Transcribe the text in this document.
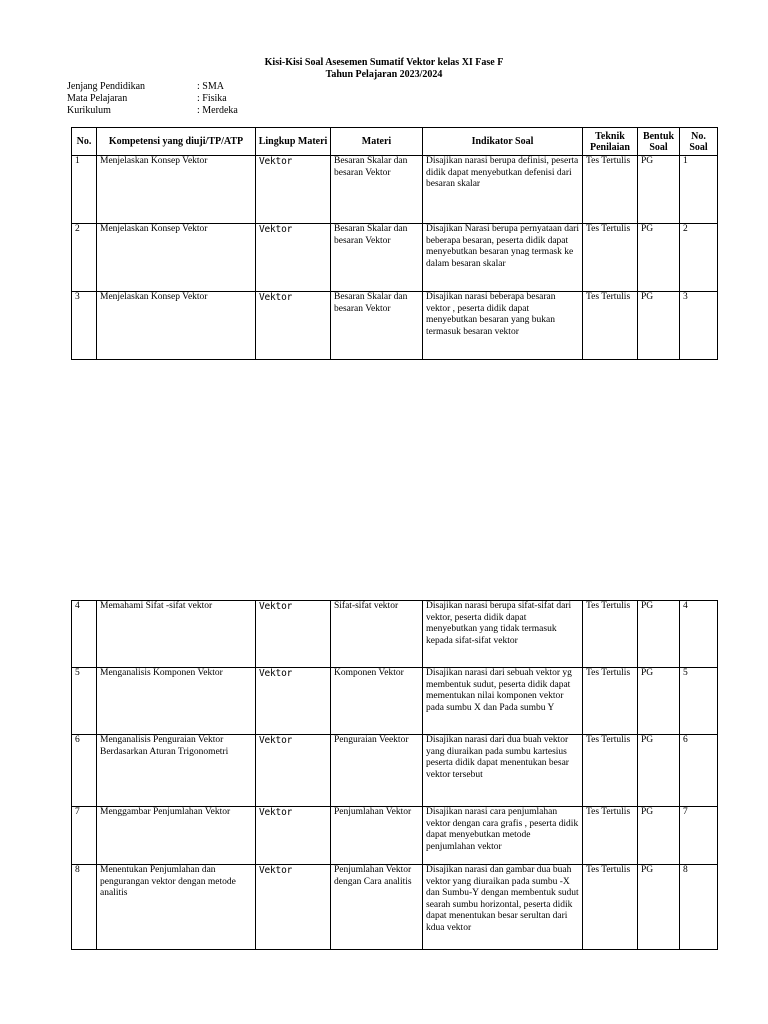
Kisi-Kisi Soal Asesemen Sumatif Vektor kelas XI Fase F
Tahun Pelajaran 2023/2024
Jenjang Pendidikan	: SMA
Mata Pelajaran	: Fisika
Kurikulum	: Merdeka
No.	Kompetensi yang diuji/TP/ATP	Lingkup Materi	Materi	Indikator Soal	Teknik Penilaian	Bentuk Soal	No. Soal
1	Menjelaskan Konsep Vektor	Vektor	Besaran Skalar dan besaran Vektor	Disajikan narasi berupa definisi, peserta didik dapat menyebutkan defenisi dari besaran skalar	Tes Tertulis	PG	1
2	Menjelaskan Konsep Vektor	Vektor	Besaran Skalar dan besaran Vektor	Disajikan Narasi berupa pernyataan dari beberapa besaran, peserta didik dapat menyebutkan besaran ynag termask ke dalam besaran skalar	Tes Tertulis	PG	2
3	Menjelaskan Konsep Vektor	Vektor	Besaran Skalar dan besaran Vektor	Disajikan narasi beberapa besaran vektor , peserta didik dapat menyebutkan besaran yang bukan termasuk besaran vektor	Tes Tertulis	PG	3
4	Memahami Sifat -sifat vektor	Vektor	Sifat-sifat vektor	Disajikan narasi berupa sifat-sifat dari vektor, peserta didik dapat menyebutkan yang tidak termasuk kepada sifat-sifat vektor	Tes Tertulis	PG	4
5	Menganalisis Komponen Vektor	Vektor	Komponen Vektor	Disajikan narasi dari sebuah vektor yg membentuk sudut, peserta didik dapat mementukan nilai komponen vektor pada sumbu X dan Pada sumbu Y	Tes Tertulis	PG	5
6	Menganalisis Penguraian Vektor Berdasarkan Aturan Trigonometri	Vektor	Penguraian Veektor	Disajikan narasi dari dua buah vektor yang diuraikan pada sumbu kartesius peserta didik dapat menentukan besar vektor tersebut	Tes Tertulis	PG	6
7	Menggambar Penjumlahan Vektor	Vektor	Penjumlahan Vektor	Disajikan narasi cara penjumlahan vektor dengan cara grafis , peserta didik dapat menyebutkan metode penjumlahan vektor	Tes Tertulis	PG	7
8	Menentukan Penjumlahan dan pengurangan vektor dengan metode analitis	Vektor	Penjumlahan Vektor dengan Cara analitis	Disajikan narasi dan gambar dua buah vektor yang diuraikan pada sumbu -X dan Sumbu-Y dengan membentuk sudut searah sumbu horizontal, peserta didik dapat menentukan besar serultan dari kdua vektor	Tes Tertulis	PG	8
